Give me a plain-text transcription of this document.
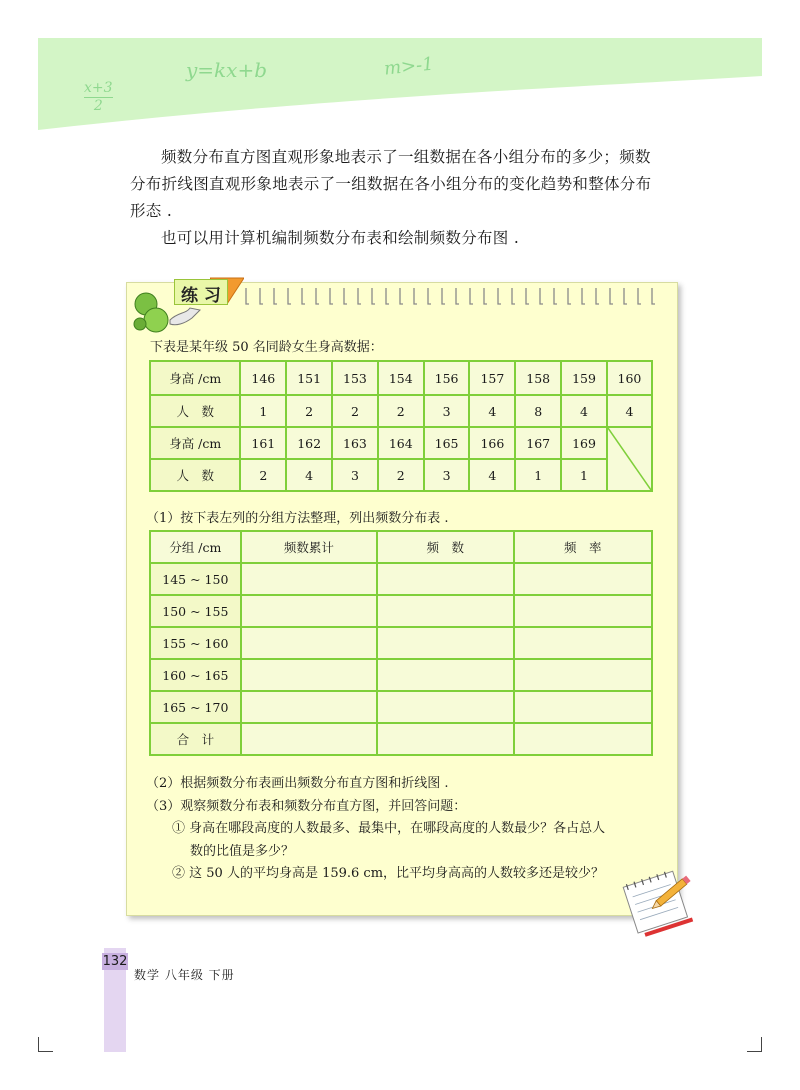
x+3
2
y=kx+b	m>-1
频数分布直方图直观形象地表示了一组数据在各小组分布的多少；频数
分布折线图直观形象地表示了一组数据在各小组分布的变化趋势和整体分布
形态 .
也可以用计算机编制频数分布表和绘制频数分布图 .
练 习
下表是某年级 50 名同龄女生身高数据：
身高 /cm	146	151	153	154	156	157	158	159	160
人　数	1	2	2	2	3	4	8	4	4
身高 /cm	161	162	163	164	165	166	167	169	

人　数	2	4	3	2	3	4	1	1	
（1）按下表左列的分组方法整理，列出频数分布表 .
分组 /cm	频数累计	频　数	频　率
145 ~ 150			
150 ~ 155			
155 ~ 160			
160 ~ 165			
165 ~ 170			
合　计			
（2）根据频数分布表画出频数分布直方图和折线图 .
（3）观察频数分布表和频数分布直方图，并回答问题：
① 身高在哪段高度的人数最多、最集中，在哪段高度的人数最少？各占总人
数的比值是多少？
② 这 50 人的平均身高是 159.6 cm，比平均身高高的人数较多还是较少？
132
数学 八年级 下册
